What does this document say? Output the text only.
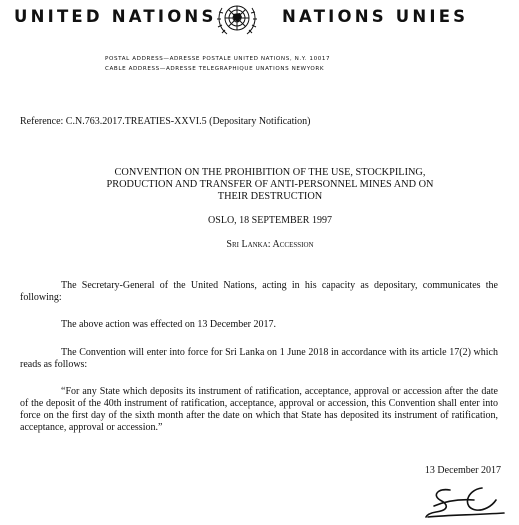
UNITED NATIONS	NATIONS UNIES
POSTAL ADDRESS—ADRESSE POSTALE UNITED NATIONS, N.Y. 10017
CABLE ADDRESS—ADRESSE TELEGRAPHIQUE UNATIONS NEWYORK
Reference: C.N.763.2017.TREATIES-XXVI.5 (Depositary Notification)
CONVENTION ON THE PROHIBITION OF THE USE, STOCKPILING,
PRODUCTION AND TRANSFER OF ANTI-PERSONNEL MINES AND ON
THEIR DESTRUCTION
OSLO, 18 SEPTEMBER 1997
Sri Lanka: Accession
The Secretary-General of the United Nations, acting in his capacity as depositary, communicates the following:
The above action was effected on 13 December 2017.
The Convention will enter into force for Sri Lanka on 1 June 2018 in accordance with its article 17(2) which reads as follows:
“For any State which deposits its instrument of ratification, acceptance, approval or accession after the date of the deposit of the 40th instrument of ratification, acceptance, approval or accession, this Convention shall enter into force on the first day of the sixth month after the date on which that State has deposited its instrument of ratification, acceptance, approval or accession.”
13 December 2017
